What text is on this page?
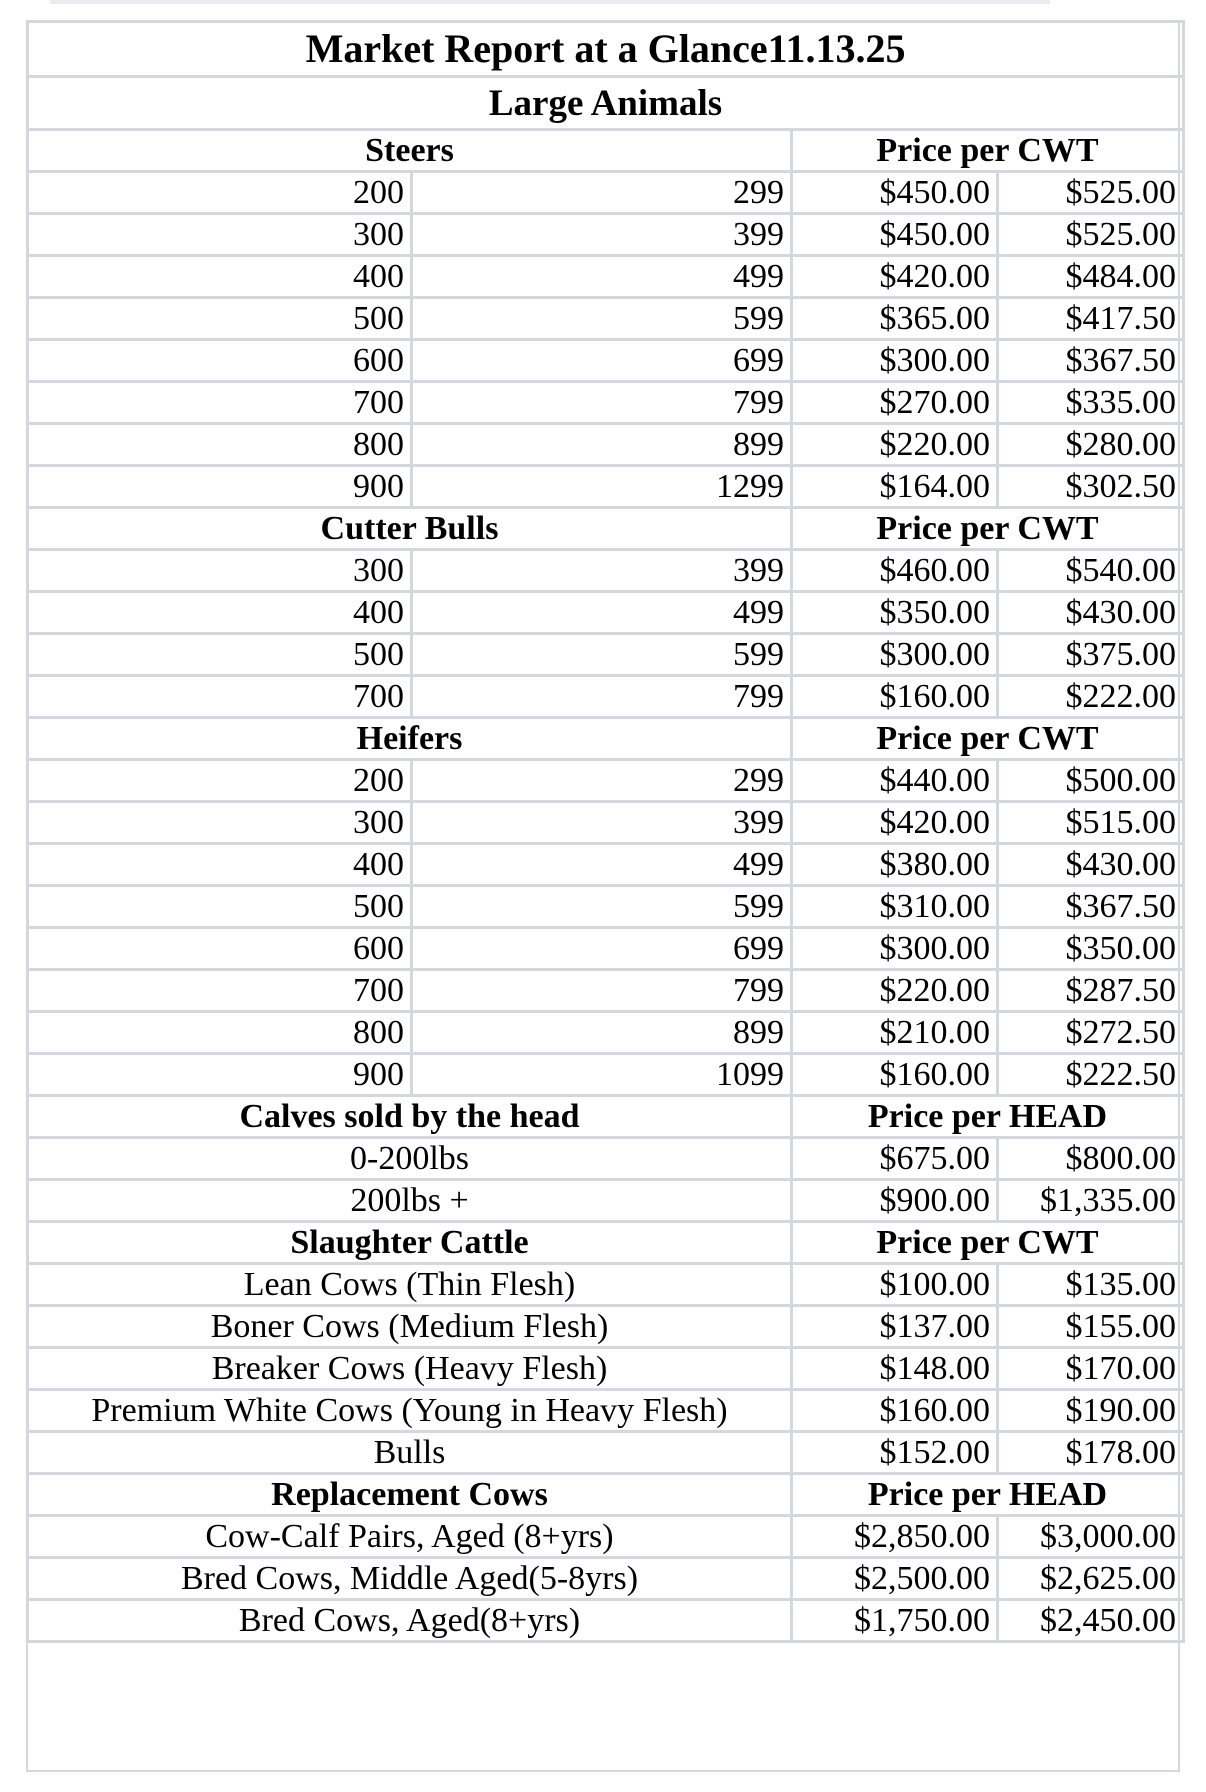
Market Report at a Glance11.13.25			
Large Animals			
Steers		Price per CWT	
200	299	$450.00	$525.00
300	399	$450.00	$525.00
400	499	$420.00	$484.00
500	599	$365.00	$417.50
600	699	$300.00	$367.50
700	799	$270.00	$335.00
800	899	$220.00	$280.00
900	1299	$164.00	$302.50
Cutter Bulls		Price per CWT	
300	399	$460.00	$540.00
400	499	$350.00	$430.00
500	599	$300.00	$375.00
700	799	$160.00	$222.00
Heifers		Price per CWT	
200	299	$440.00	$500.00
300	399	$420.00	$515.00
400	499	$380.00	$430.00
500	599	$310.00	$367.50
600	699	$300.00	$350.00
700	799	$220.00	$287.50
800	899	$210.00	$272.50
900	1099	$160.00	$222.50
Calves sold by the head		Price per HEAD	
0-200lbs		$675.00	$800.00
200lbs +		$900.00	$1,335.00
Slaughter Cattle		Price per CWT	
Lean Cows (Thin Flesh)		$100.00	$135.00
Boner Cows (Medium Flesh)		$137.00	$155.00
Breaker Cows (Heavy Flesh)		$148.00	$170.00
Premium White Cows (Young in Heavy Flesh)		$160.00	$190.00
Bulls		$152.00	$178.00
Replacement Cows		Price per HEAD	
Cow-Calf Pairs, Aged (8+yrs)		$2,850.00	$3,000.00
Bred Cows, Middle Aged(5-8yrs)		$2,500.00	$2,625.00
Bred Cows, Aged(8+yrs)		$1,750.00	$2,450.00
